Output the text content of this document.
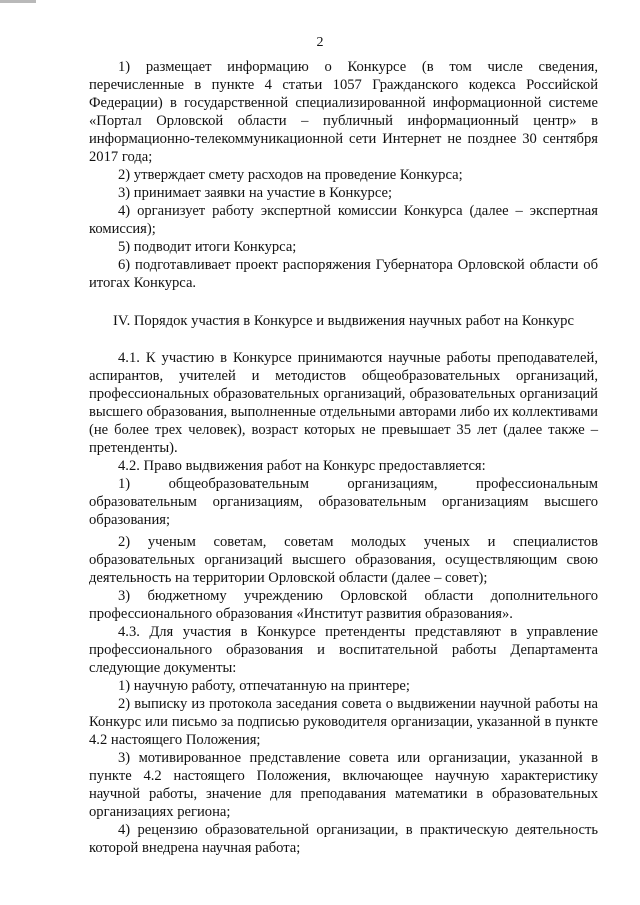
2

1) размещает информацию о Конкурсе (в том числе сведения, перечисленные в пункте 4 статьи 1057 Гражданского кодекса Российской Федерации) в государственной специализированной информационной системе «Портал Орловской области – публичный информационный центр» в информационно-телекоммуникационной сети Интернет не позднее 30 сентября 2017 года;

2) утверждает смету расходов на проведение Конкурса;

3) принимает заявки на участие в Конкурсе;

4) организует работу экспертной комиссии Конкурса (далее – экспертная комиссия);

5) подводит итоги Конкурса;

6) подготавливает проект распоряжения Губернатора Орловской области об итогах Конкурса.

IV. Порядок участия в Конкурсе и выдвижения научных работ на Конкурс

4.1. К участию в Конкурсе принимаются научные работы преподавателей, аспирантов, учителей и методистов общеобразовательных организаций, профессиональных образовательных организаций, образовательных организаций высшего образования, выполненные отдельными авторами либо их коллективами (не более трех человек), возраст которых не превышает 35 лет (далее также – претенденты).

4.2. Право выдвижения работ на Конкурс предоставляется:

1) общеобразовательным организациям, профессиональным образовательным организациям, образовательным организациям высшего образования;

2) ученым советам, советам молодых ученых и специалистов образовательных организаций высшего образования, осуществляющим свою деятельность на территории Орловской области (далее – совет);

3) бюджетному учреждению Орловской области дополнительного профессионального образования «Институт развития образования».

4.3. Для участия в Конкурсе претенденты представляют в управление профессионального образования и воспитательной работы Департамента следующие документы:

1) научную работу, отпечатанную на принтере;

2) выписку из протокола заседания совета о выдвижении научной работы на Конкурс или письмо за подписью руководителя организации, указанной в пункте 4.2 настоящего Положения;

3) мотивированное представление совета или организации, указанной в пункте 4.2 настоящего Положения, включающее научную характеристику научной работы, значение для преподавания математики в образовательных организациях региона;

4) рецензию образовательной организации, в практическую деятельность которой внедрена научная работа;
